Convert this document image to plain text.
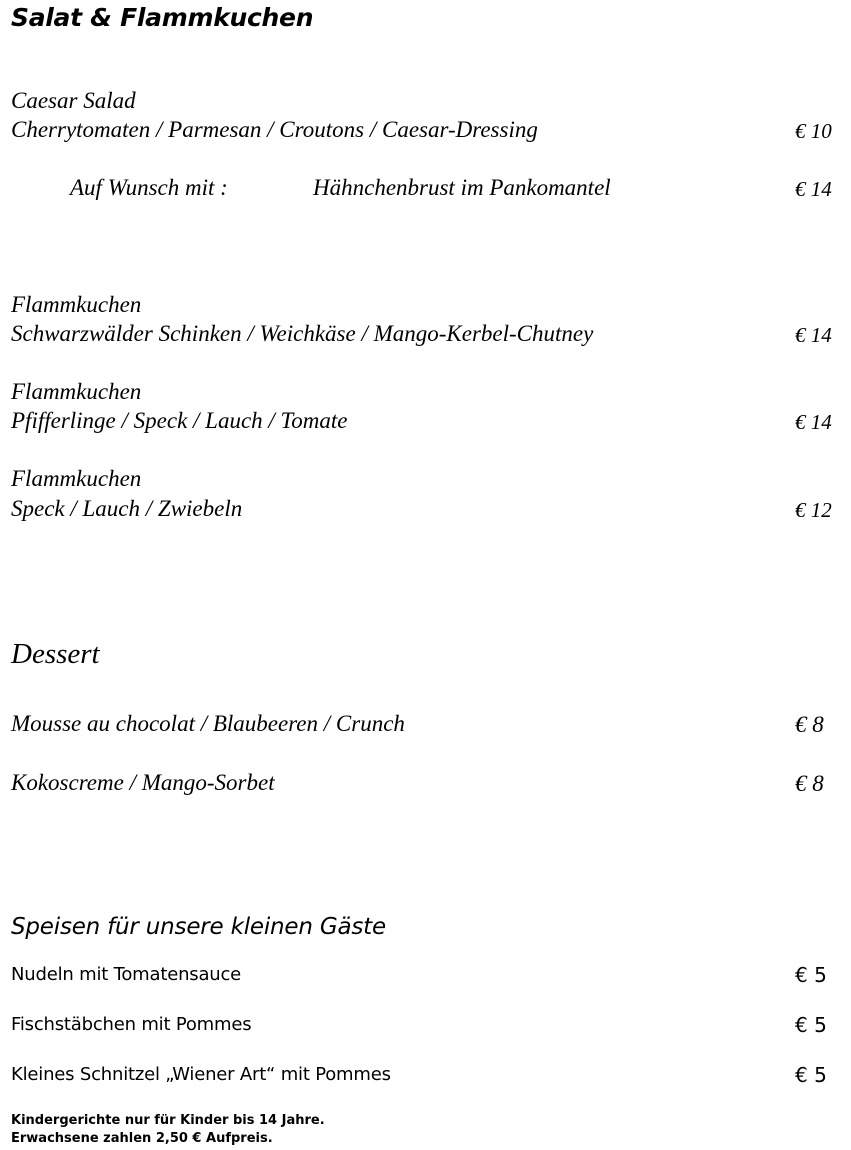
Salat & Flammkuchen
Caesar Salad
Cherrytomaten / Parmesan / Croutons / Caesar-Dressing	€ 10
Auf Wunsch mit :	Hähnchenbrust im Pankomantel	€ 14
Flammkuchen
Schwarzwälder Schinken / Weichkäse / Mango-Kerbel-Chutney	€ 14
Flammkuchen
Pfifferlinge / Speck / Lauch / Tomate	€ 14
Flammkuchen
Speck / Lauch / Zwiebeln	€ 12
Dessert
Mousse au chocolat / Blaubeeren / Crunch	€ 8
Kokoscreme / Mango-Sorbet	€ 8
Speisen für unsere kleinen Gäste
Nudeln mit Tomatensauce	€ 5
Fischstäbchen mit Pommes	€ 5
Kleines Schnitzel „Wiener Art“ mit Pommes	€ 5
Kindergerichte nur für Kinder bis 14 Jahre.
Erwachsene zahlen 2,50 € Aufpreis.
